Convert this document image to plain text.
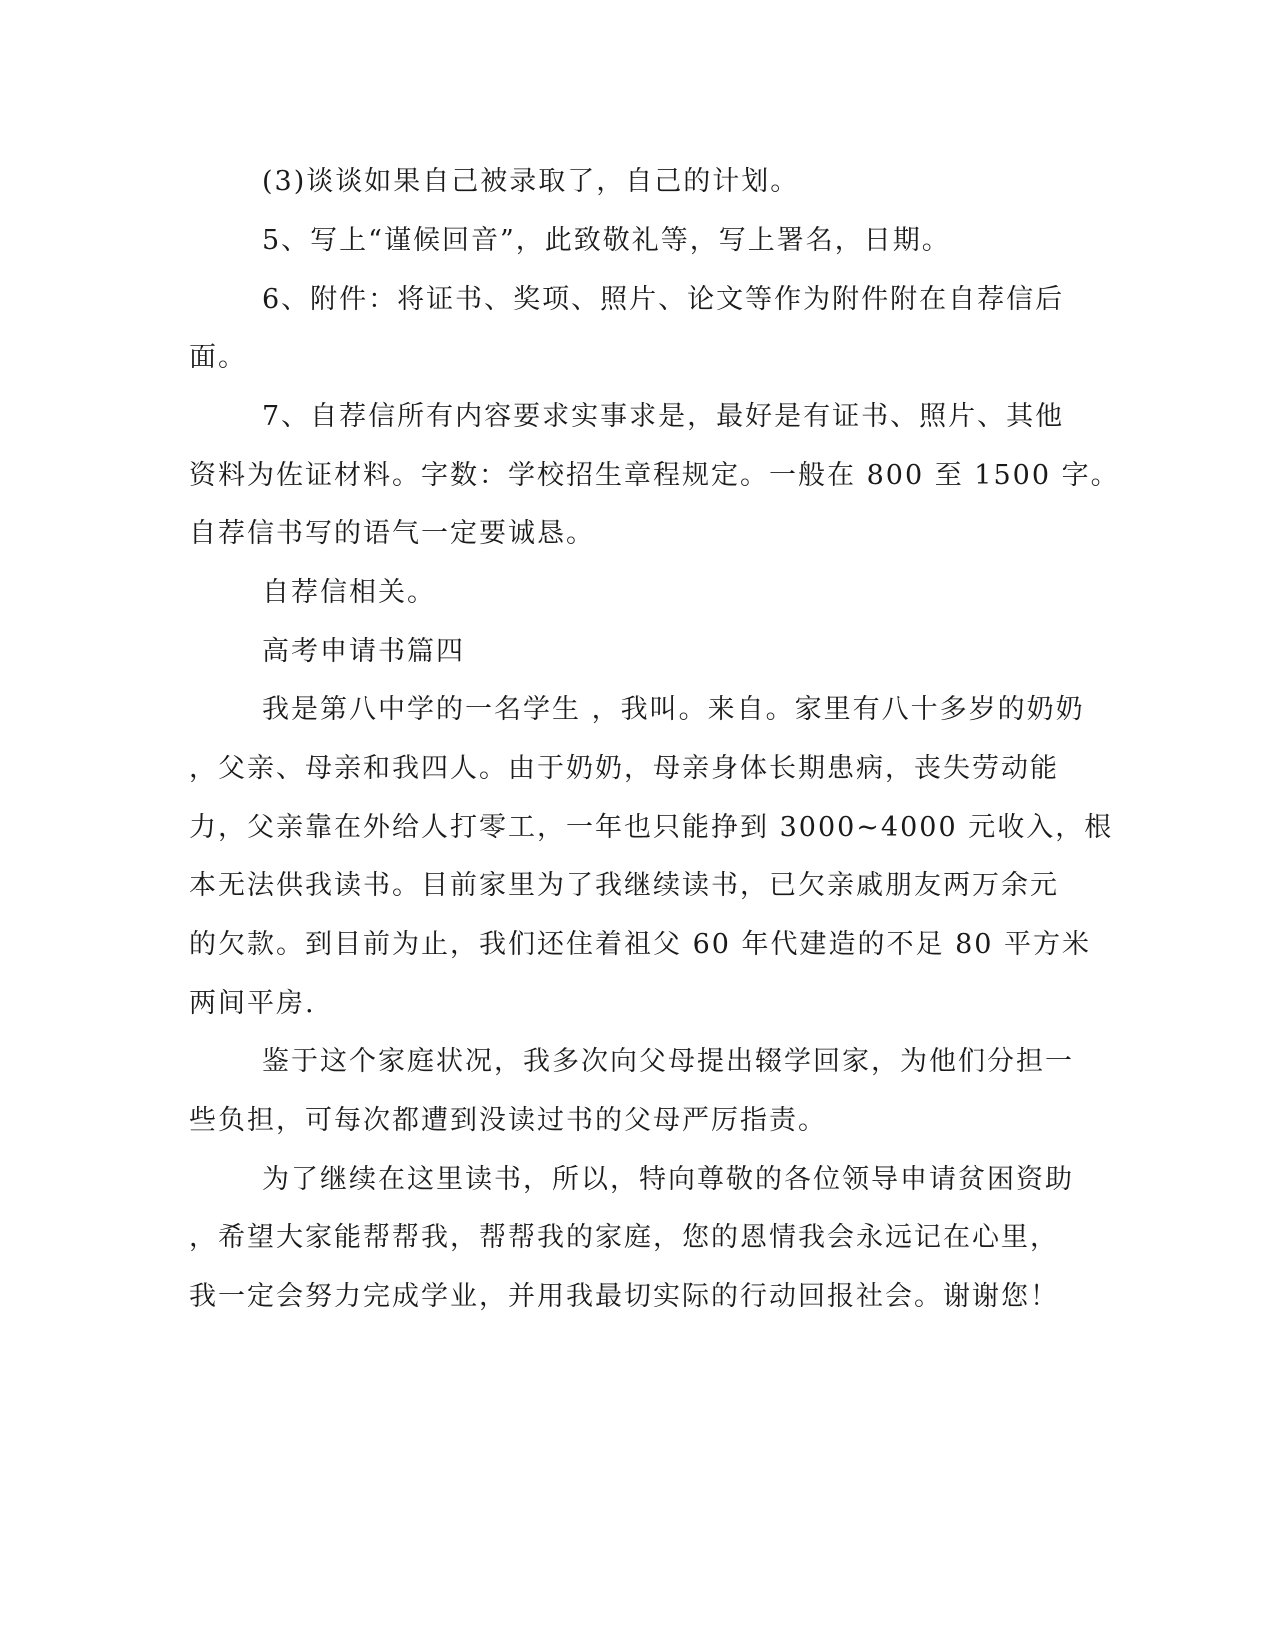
(3)谈谈如果自己被录取了，自己的计划。
5、写上“谨候回音”，此致敬礼等，写上署名，日期。
6、附件：将证书、奖项、照片、论文等作为附件附在自荐信后
面。
7、自荐信所有内容要求实事求是，最好是有证书、照片、其他
资料为佐证材料。字数：学校招生章程规定。一般在 800 至 1500 字。
自荐信书写的语气一定要诚恳。
自荐信相关。
高考申请书篇四
我是第八中学的一名学生 ，我叫。来自。家里有八十多岁的奶奶
，父亲、母亲和我四人。由于奶奶，母亲身体长期患病，丧失劳动能
力，父亲靠在外给人打零工，一年也只能挣到 3000~4000 元收入，根
本无法供我读书。目前家里为了我继续读书，已欠亲戚朋友两万余元
的欠款。到目前为止，我们还住着祖父 60 年代建造的不足 80 平方米
两间平房.
鉴于这个家庭状况，我多次向父母提出辍学回家，为他们分担一
些负担，可每次都遭到没读过书的父母严厉指责。
为了继续在这里读书，所以，特向尊敬的各位领导申请贫困资助
，希望大家能帮帮我，帮帮我的家庭，您的恩情我会永远记在心里，
我一定会努力完成学业，并用我最切实际的行动回报社会。谢谢您！
